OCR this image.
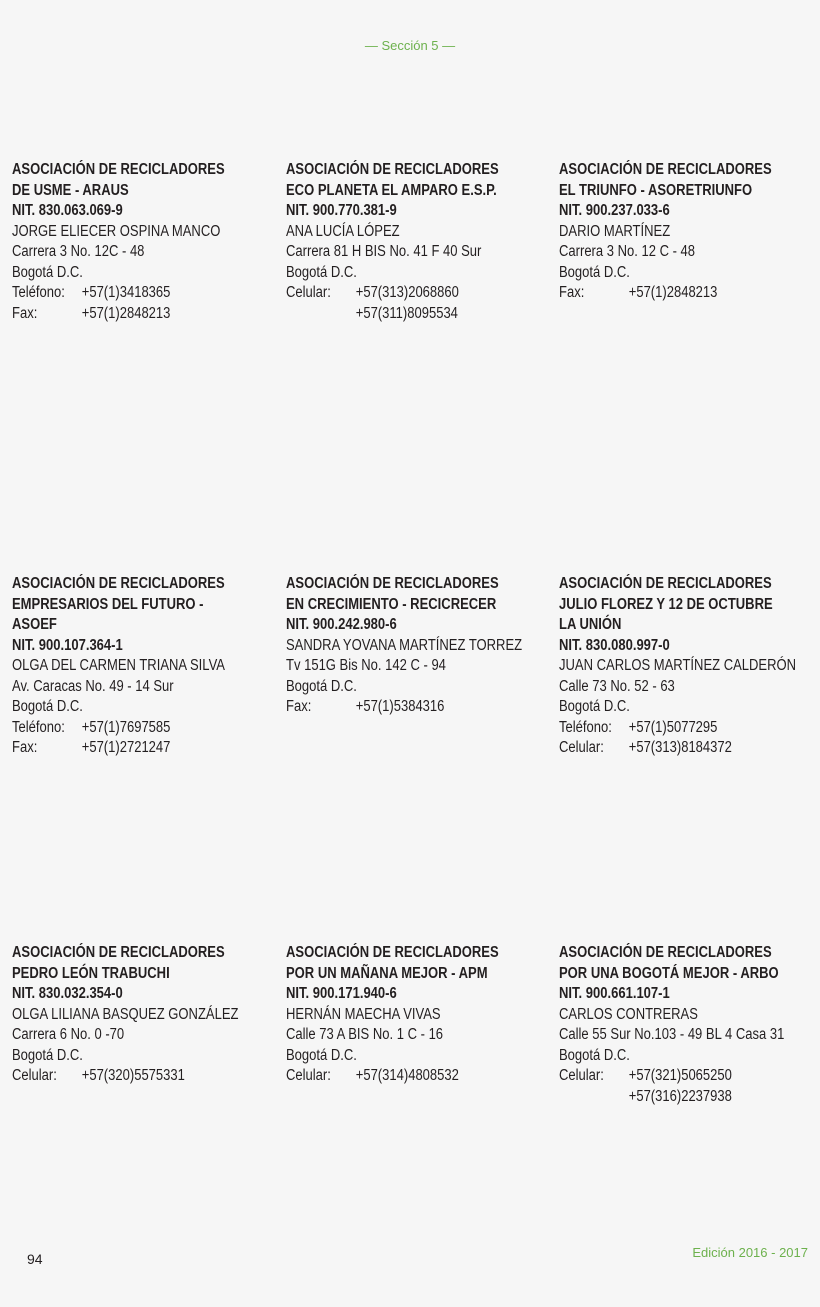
— Sección 5 —
ASOCIACIÓN DE RECICLADORES
DE USME - ARAUS
NIT. 830.063.069-9
JORGE ELIECER OSPINA MANCO
Carrera 3 No. 12C - 48
Bogotá D.C.
Teléfono:	+57(1)3418365
Fax:	+57(1)2848213
ASOCIACIÓN DE RECICLADORES
ECO PLANETA EL AMPARO E.S.P.
NIT. 900.770.381-9
ANA LUCÍA LÓPEZ
Carrera 81 H BIS No. 41 F 40 Sur
Bogotá D.C.
Celular:	+57(313)2068860
+57(311)8095534
ASOCIACIÓN DE RECICLADORES
EL TRIUNFO - ASORETRIUNFO
NIT. 900.237.033-6
DARIO MARTÍNEZ
Carrera 3 No. 12 C - 48
Bogotá D.C.
Fax:	+57(1)2848213
ASOCIACIÓN DE RECICLADORES
EMPRESARIOS DEL FUTURO -
ASOEF
NIT. 900.107.364-1
OLGA DEL CARMEN TRIANA SILVA
Av. Caracas No. 49 - 14 Sur
Bogotá D.C.
Teléfono:	+57(1)7697585
Fax:	+57(1)2721247
ASOCIACIÓN DE RECICLADORES
EN CRECIMIENTO - RECICRECER
NIT. 900.242.980-6
SANDRA YOVANA MARTÍNEZ TORREZ
Tv 151G Bis No. 142 C - 94
Bogotá D.C.
Fax:	+57(1)5384316
ASOCIACIÓN DE RECICLADORES
JULIO FLOREZ Y 12 DE OCTUBRE
LA UNIÓN
NIT. 830.080.997-0
JUAN CARLOS MARTÍNEZ CALDERÓN
Calle 73 No. 52 - 63
Bogotá D.C.
Teléfono:	+57(1)5077295
Celular:	+57(313)8184372
ASOCIACIÓN DE RECICLADORES
PEDRO LEÓN TRABUCHI
NIT. 830.032.354-0
OLGA LILIANA BASQUEZ GONZÁLEZ
Carrera 6 No. 0 -70
Bogotá D.C.
Celular:	+57(320)5575331
ASOCIACIÓN DE RECICLADORES
POR UN MAÑANA MEJOR - APM
NIT. 900.171.940-6
HERNÁN MAECHA VIVAS
Calle 73 A BIS No. 1 C - 16
Bogotá D.C.
Celular:	+57(314)4808532
ASOCIACIÓN DE RECICLADORES
POR UNA BOGOTÁ MEJOR - ARBO
NIT. 900.661.107-1
CARLOS CONTRERAS
Calle 55 Sur No.103 - 49 BL 4 Casa 31
Bogotá D.C.
Celular:	+57(321)5065250
+57(316)2237938
94	Edición 2016 - 2017
